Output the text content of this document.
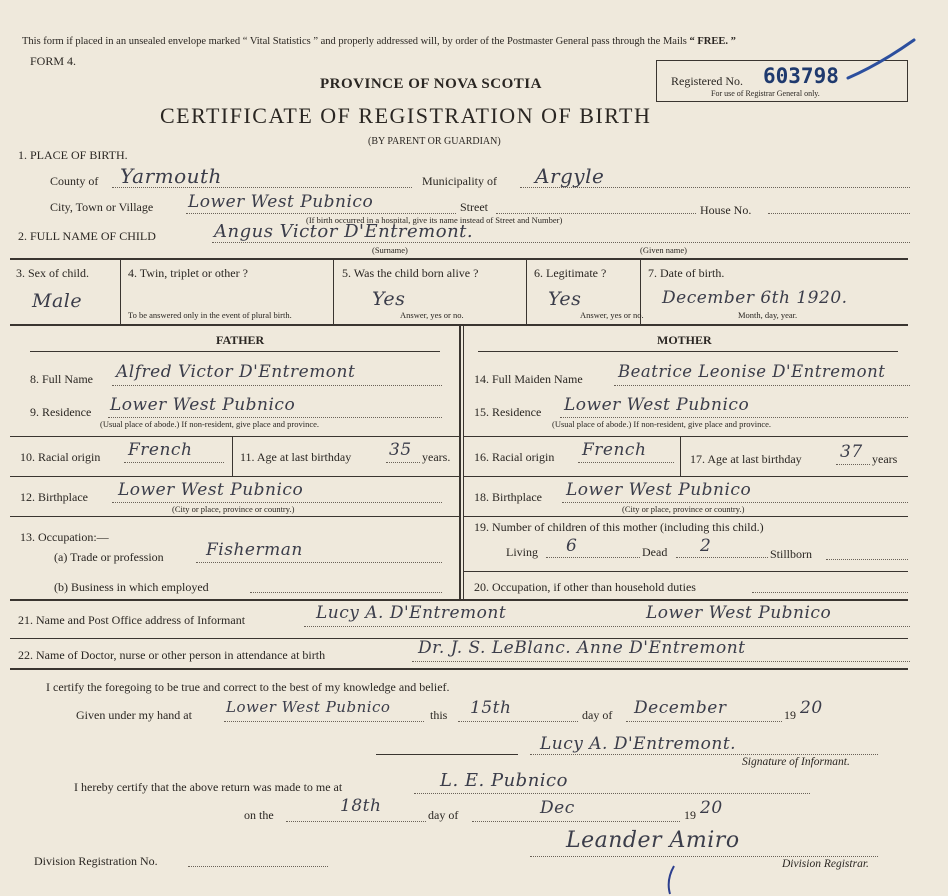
This form if placed in an unsealed envelope marked “ Vital Statistics ” and properly addressed will, by order of the Postmaster General pass through the Mails “ FREE. ”
FORM 4.
PROVINCE OF NOVA SCOTIA
CERTIFICATE OF REGISTRATION OF BIRTH
(BY PARENT OR GUARDIAN)
Registered No. 603798
For use of Registrar General only.
1. PLACE OF BIRTH.
County of Yarmouth	Municipality of Argyle
City, Town or Village Lower West Pubnico	Street	House No.
(If birth occurred in a hospital, give its name instead of Street and Number)
2. FULL NAME OF CHILD	Angus Victor D'Entremont.
(Surname)	(Given name)
3. Sex of child.
Male
4. Twin, triplet or other ?
To be answered only in the event of plural birth.
5. Was the child born alive ?
Yes
Answer, yes or no.
6. Legitimate ?
Yes
Answer, yes or no.
7. Date of birth.
December 6th 1920.
Month, day, year.
FATHER	MOTHER
8. Full Name Alfred Victor D'Entremont
9. Residence Lower West Pubnico
(Usual place of abode.) If non-resident, give place and province.
10. Racial origin French	11. Age at last birthday 35 years.
12. Birthplace Lower West Pubnico
(City or place, province or country.)
13. Occupation:—
(a) Trade or profession Fisherman
(b) Business in which employed
14. Full Maiden Name Beatrice Leonise D'Entremont
15. Residence Lower West Pubnico
(Usual place of abode.) If non-resident, give place and province.
16. Racial origin French	17. Age at last birthday 37 years
18. Birthplace Lower West Pubnico
(City or place, province or country.)
19. Number of children of this mother (including this child.)
Living 6	Dead 2	Stillborn
20. Occupation, if other than household duties
21. Name and Post Office address of Informant	Lucy A. D'Entremont	Lower West Pubnico
22. Name of Doctor, nurse or other person in attendance at birth	Dr. J. S. LeBlanc. Anne D'Entremont
I certify the foregoing to be true and correct to the best of my knowledge and belief.
Given under my hand at Lower West Pubnico	this 15th	day of December	19 20
Lucy A. D'Entremont.
Signature of Informant.
I hereby certify that the above return was made to me at	L. E. Pubnico
on the	18th	day of	Dec	19 20
Division Registration No.
Leander Amiro
Division Registrar.
